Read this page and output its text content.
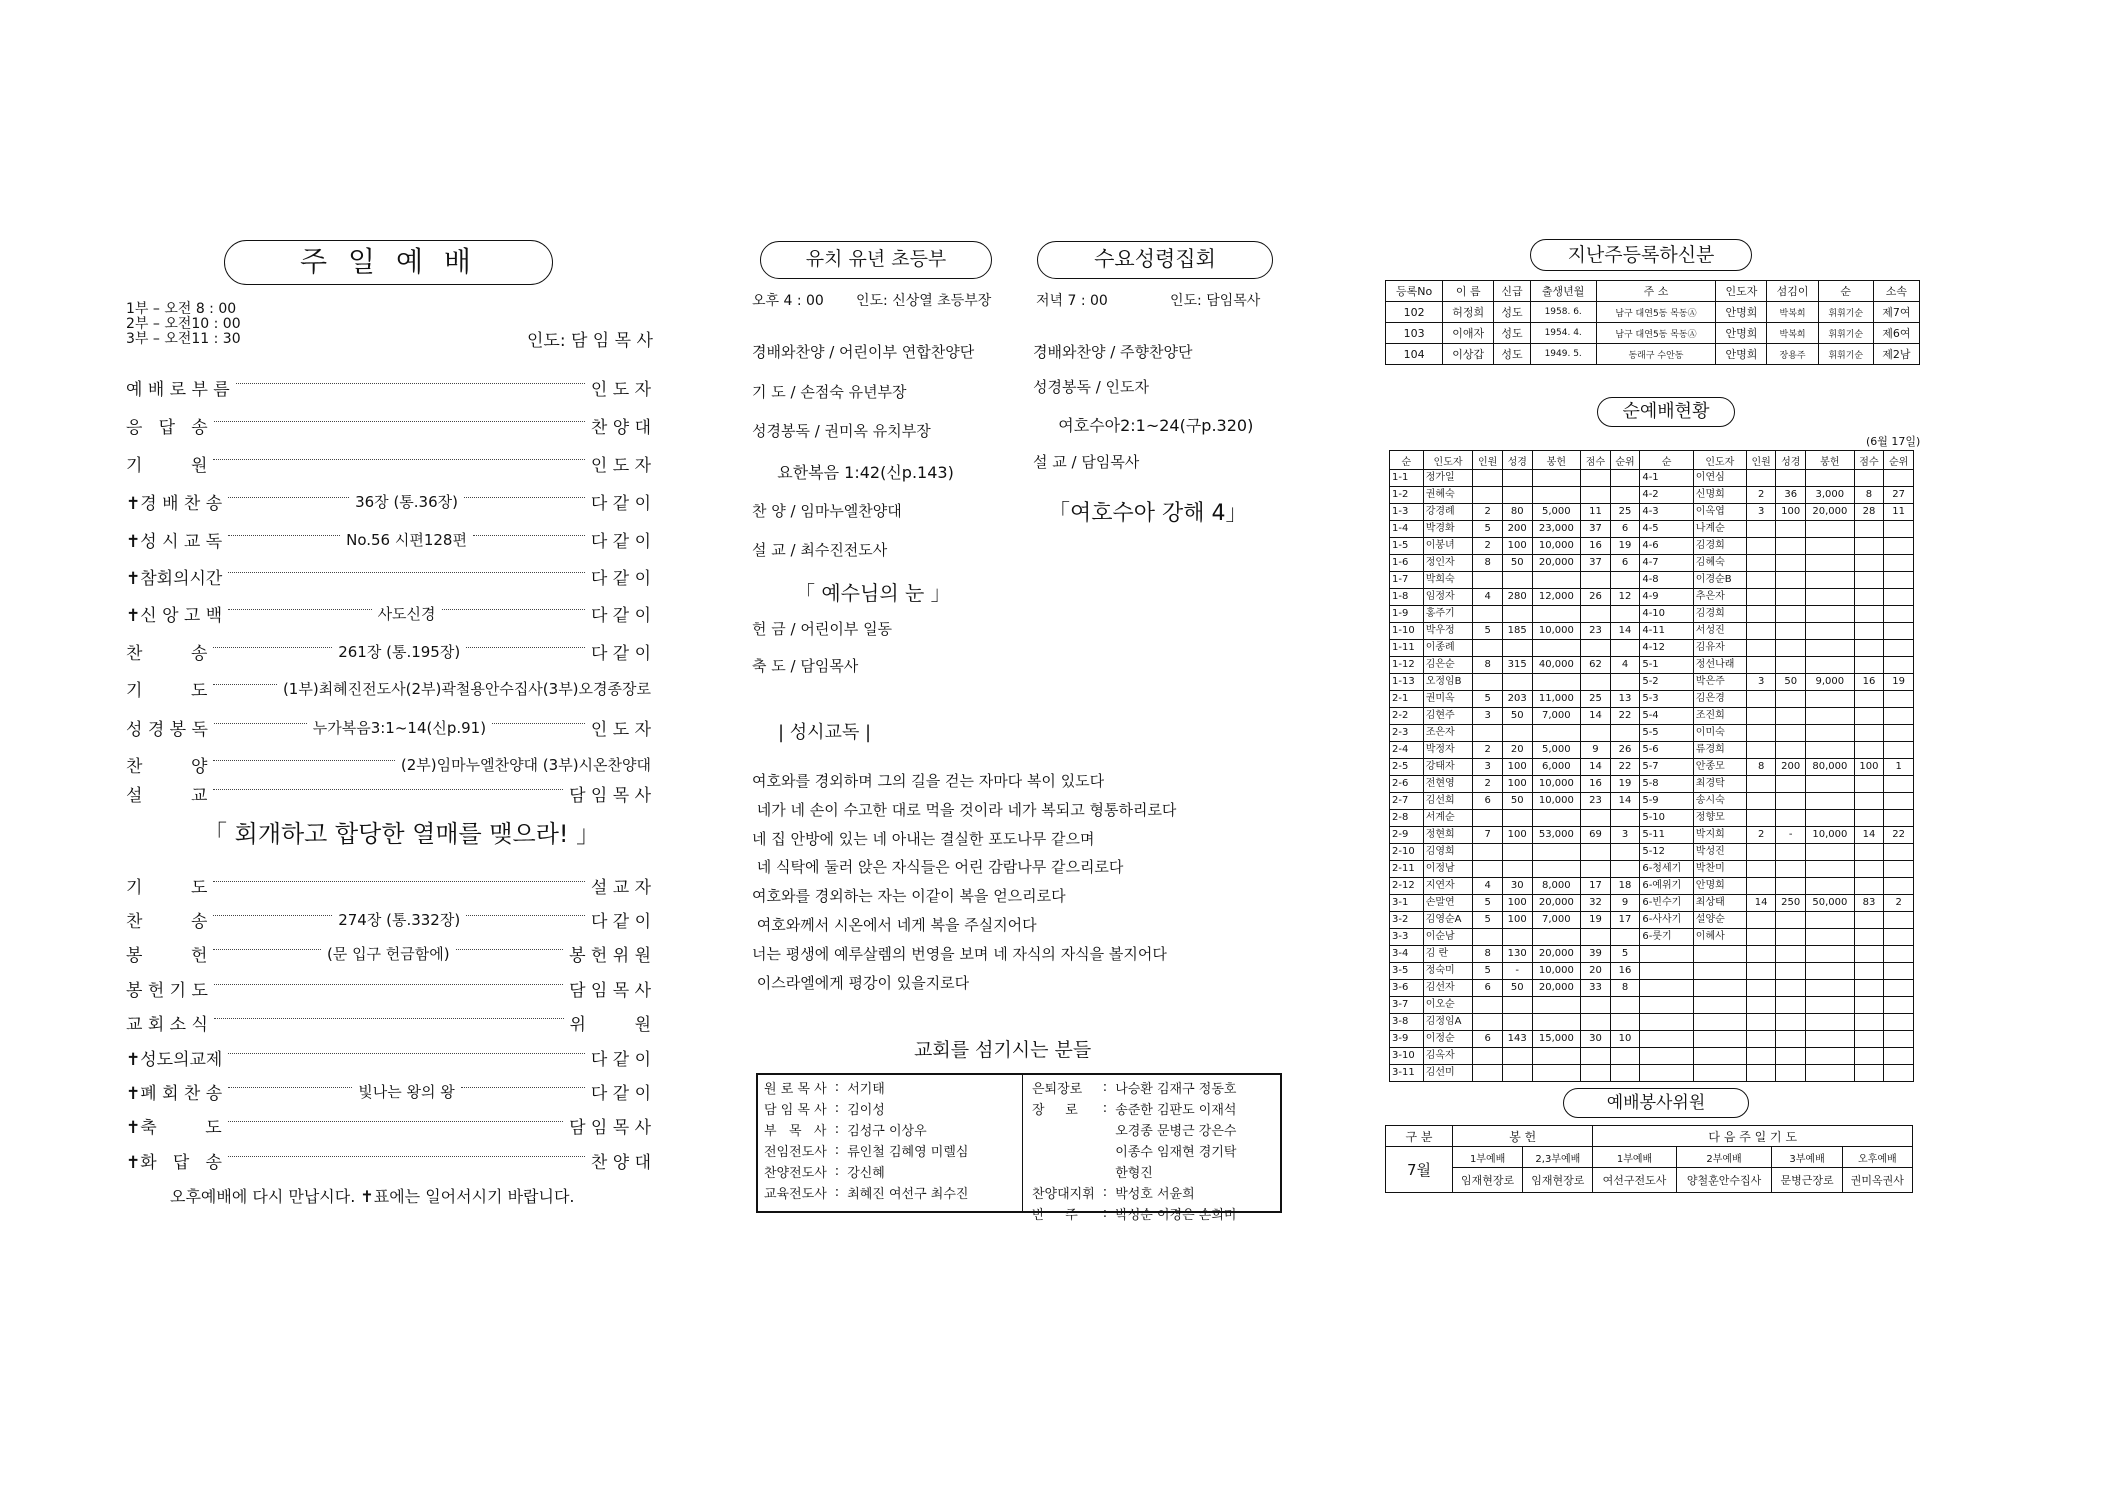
주 일 예 배
1부 – 오전 8 : 00
2부 – 오전10 : 00
3부 – 오전11 : 30	인도: 담 임 목 사
예 배 로 부 름	인 도 자
응   답   송	찬 양 대
기         원	인 도 자
✝경 배 찬 송	36장 (통.36장)	다 같 이
✝성 시 교 독	No.56 시편128편	다 같 이
✝참회의시간	다 같 이
✝신 앙 고 백	사도신경	다 같 이
찬         송	261장 (통.195장)	다 같 이
기         도	(1부)최혜진전도사(2부)곽철용안수집사(3부)오경종장로
성 경 봉 독	누가복음3:1~14(신p.91)	인 도 자
찬         양	(2부)임마누엘찬양대 (3부)시온찬양대
설         교	담 임 목 사
「 회개하고 합당한 열매를 맺으라! 」
기         도	설 교 자
찬         송	274장 (통.332장)	다 같 이
봉         헌	(문 입구 헌금함에)	봉 헌 위 원
봉 헌 기 도	담 임 목 사
교 회 소 식	위         원
✝성도의교제	다 같 이
✝폐 회 찬 송	빛나는 왕의 왕	다 같 이
✝축         도	담 임 목 사
✝화   답   송	찬 양 대
오후예배에 다시 만납시다. ✝표에는 일어서시기 바랍니다.
유치 유년 초등부	수요성령집회
오후 4 : 00 인도: 신상열 초등부장	저녁 7 : 00	인도: 담임목사
경배와찬양 / 어린이부 연합찬양단
기 도 / 손점숙 유년부장
성경봉독 / 권미옥 유치부장
요한복음 1:42(신p.143)
찬 양 / 임마누엘찬양대
설 교 / 최수진전도사
「 예수님의 눈 」
헌 금 / 어린이부 일동
축 도 / 담임목사
경배와찬양 / 주향찬양단
성경봉독 / 인도자
여호수아2:1~24(구p.320)
설 교 / 담임목사
「여호수아 강해 4」
| 성시교독 |
여호와를 경외하며 그의 길을 걷는 자마다 복이 있도다
네가 네 손이 수고한 대로 먹을 것이라 네가 복되고 형통하리로다
네 집 안방에 있는 네 아내는 결실한 포도나무 같으며
네 식탁에 둘러 앉은 자식들은 어린 감람나무 같으리로다
여호와를 경외하는 자는 이같이 복을 얻으리로다
여호와께서 시온에서 네게 복을 주실지어다
너는 평생에 예루살렘의 번영을 보며 네 자식의 자식을 볼지어다
이스라엘에게 평강이 있을지로다
교회를 섬기시는 분들
원 로 목 사	:	서기태
담 임 목 사	:	김이성
부   목   사	:	김성구 이상우
전임전도사	:	류인철 김혜영 미렐심
찬양전도사	:	강신혜
교육전도사	:	최혜진 여선구 최수진
은퇴장로	:	나승환 김재구 정동호
장     로	:	송준한 김판도 이재석
		오경종 문병근 강은수
		이종수 임재현 경기탁
		한형진
찬양대지휘	:	박성호 서윤희
반     주	:	박성순 이경은 손희미
지난주등록하신분
등록No	이 름	신급	출생년월	주 소	인도자	섬김이	순	소속
102	허정희	성도	1958. 6.	남구 대연5동 목동Ⓐ	안명희	박복희	휘휘기순	제7여
103	이애자	성도	1954. 4.	남구 대연5동 목동Ⓐ	안명희	박복희	휘휘기순	제6여
104	이상갑	성도	1949. 5.	동래구 수안동	안명희	장용주	휘휘기순	제2남
순예배현황
(6월 17일)
순	인도자	인원	성경	봉헌	점수	순위	순	인도자	인원	성경	봉헌	점수	순위
1-1	정가일						4-1	이연심					
1-2	권혜숙						4-2	신명희	2	36	3,000	8	27
1-3	강경례	2	80	5,000	11	25	4-3	이옥엽	3	100	20,000	28	11
1-4	박경화	5	200	23,000	37	6	4-5	나계순					
1-5	이봉녀	2	100	10,000	16	19	4-6	김경희					
1-6	정인자	8	50	20,000	37	6	4-7	김혜숙					
1-7	박희숙						4-8	이경순B					
1-8	임정자	4	280	12,000	26	12	4-9	추은자					
1-9	홍주기						4-10	김경희					
1-10	박우정	5	185	10,000	23	14	4-11	서성진					
1-11	이종례						4-12	김유자					
1-12	김은순	8	315	40,000	62	4	5-1	정선나래					
1-13	오정임B						5-2	박은주	3	50	9,000	16	19
2-1	권미옥	5	203	11,000	25	13	5-3	김은경					
2-2	김현주	3	50	7,000	14	22	5-4	조진희					
2-3	조은자						5-5	이미숙					
2-4	박정자	2	20	5,000	9	26	5-6	류경희					
2-5	강태자	3	100	6,000	14	22	5-7	안종모	8	200	80,000	100	1
2-6	전현영	2	100	10,000	16	19	5-8	최경탁					
2-7	김선희	6	50	10,000	23	14	5-9	송시숙					
2-8	서계순						5-10	정향모					
2-9	정현희	7	100	53,000	69	3	5-11	박지희	2	-	10,000	14	22
2-10	김영희						5-12	박성진					
2-11	이정남						6-청세기	박찬미					
2-12	지연자	4	30	8,000	17	18	6-예위기	안명희					
3-1	손말연	5	100	20,000	32	9	6-빈수기	최상태	14	250	50,000	83	2
3-2	김영순A	5	100	7,000	19	17	6-사사기	설양순					
3-3	이순남						6-룻기	이혜사					
3-4	김 란	8	130	20,000	39	5							
3-5	정숙미	5	-	10,000	20	16							
3-6	김선자	6	50	20,000	33	8							
3-7	이오순												
3-8	김정임A												
3-9	이정순	6	143	15,000	30	10							
3-10	김옥자												
3-11	김선미												
예배봉사위원
구 분	봉 헌		다 음 주 일 기 도			
7월	1부예배	2,3부예배	1부예배	2부예배	3부예배	오후예배
	임재현장로	임재현장로	여선구전도사	양철훈안수집사	문병근장로	권미옥권사
